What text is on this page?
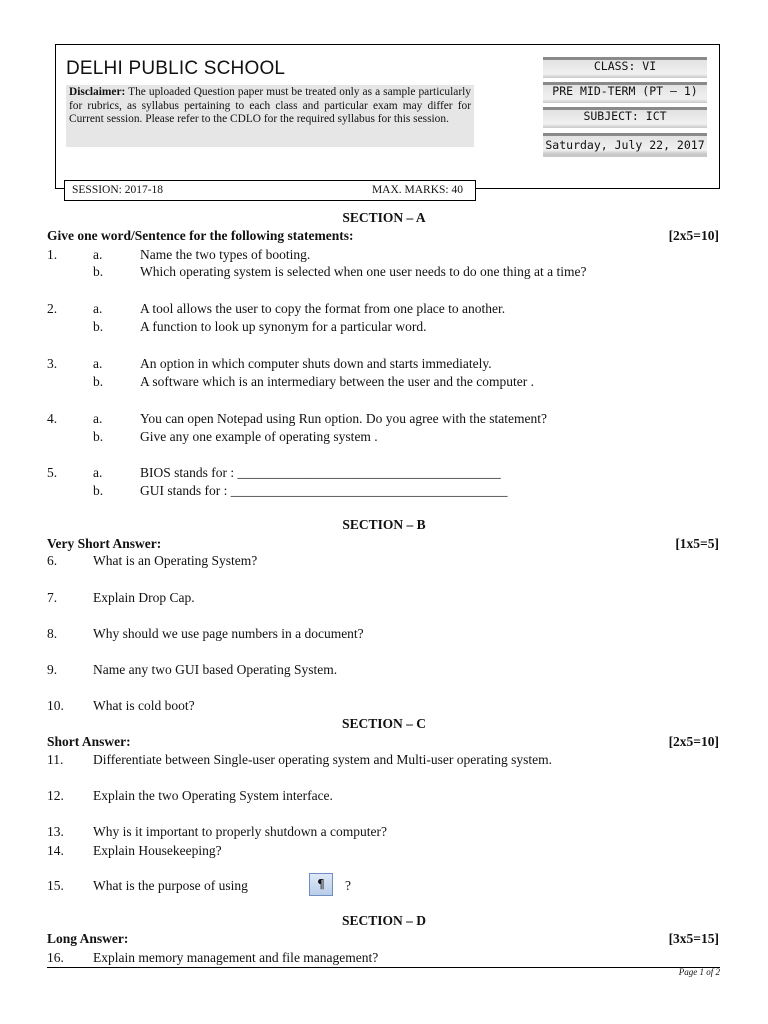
DELHI PUBLIC SCHOOL
Disclaimer: The uploaded Question paper must be treated only as a sample particularly for rubrics, as syllabus pertaining to each class and particular exam may differ for Current session. Please refer to the CDLO for the required syllabus for this session.
SESSION: 2017-18	MAX. MARKS: 40
CLASS: VI
PRE MID-TERM (PT – 1)
SUBJECT: ICT
Saturday, July 22, 2017
SECTION – A
Give one word/Sentence for the following statements:	[2x5=10]
1.	a.	Name the two types of booting.
b.	Which operating system is selected when one user needs to do one thing at a time?
2.	a.	A tool allows the user to copy the format from one place to another.
b.	A function to look up synonym for a particular word.
3.	a.	An option in which computer shuts down and starts immediately.
b.	A software which is an intermediary between the user and the computer .
4.	a.	You can open Notepad using Run option. Do you agree with the statement?
b.	Give any one example of operating system .
5.	a.	BIOS stands for : _______________________________________
b.	GUI stands for : _________________________________________
SECTION – B
Very Short Answer:	[1x5=5]
6.	What is an Operating System?
7.	Explain Drop Cap.
8.	Why should we use page numbers in a document?
9.	Name any two GUI based Operating System.
10. What is cold boot?
SECTION – C
Short Answer:	[2x5=10]
11. Differentiate between Single-user operating system and Multi-user operating system.
12. Explain the two Operating System interface.
13. Why is it important to properly shutdown a computer?
14. Explain Housekeeping?
15. What is the purpose of using	¶	?
SECTION – D
Long Answer:	[3x5=15]
16. Explain memory management and file management?
Page 1 of 2
